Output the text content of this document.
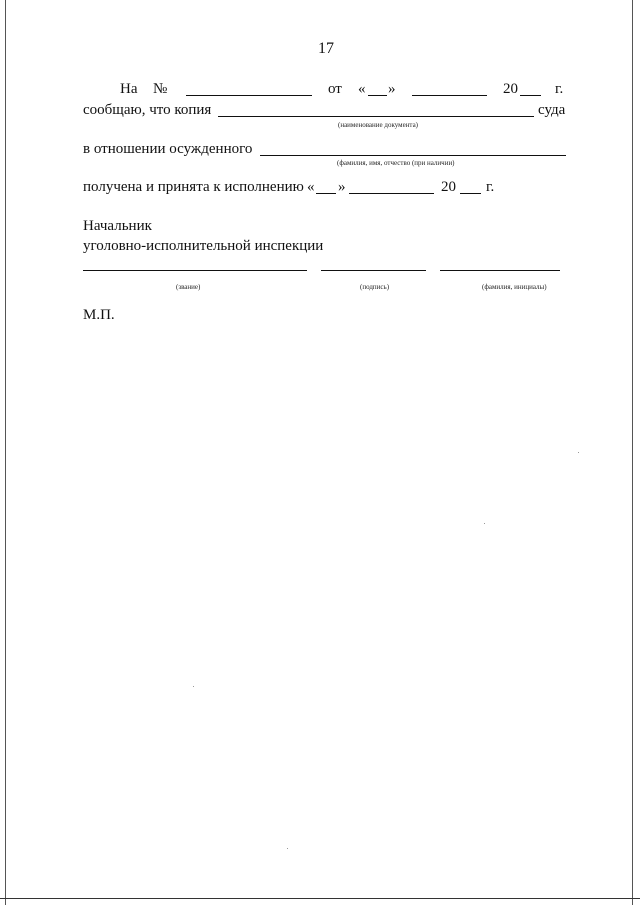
17
На №	от « »	20 г.
сообщаю, что копия	суда
(наименование документа)
в отношении осужденного
(фамилия, имя, отчество (при наличии)
получена и принята к исполнению « »	20 г.
Начальник
уголовно-исполнительной инспекции
(звание)	(подпись)	(фамилия, инициалы)
М.П.
